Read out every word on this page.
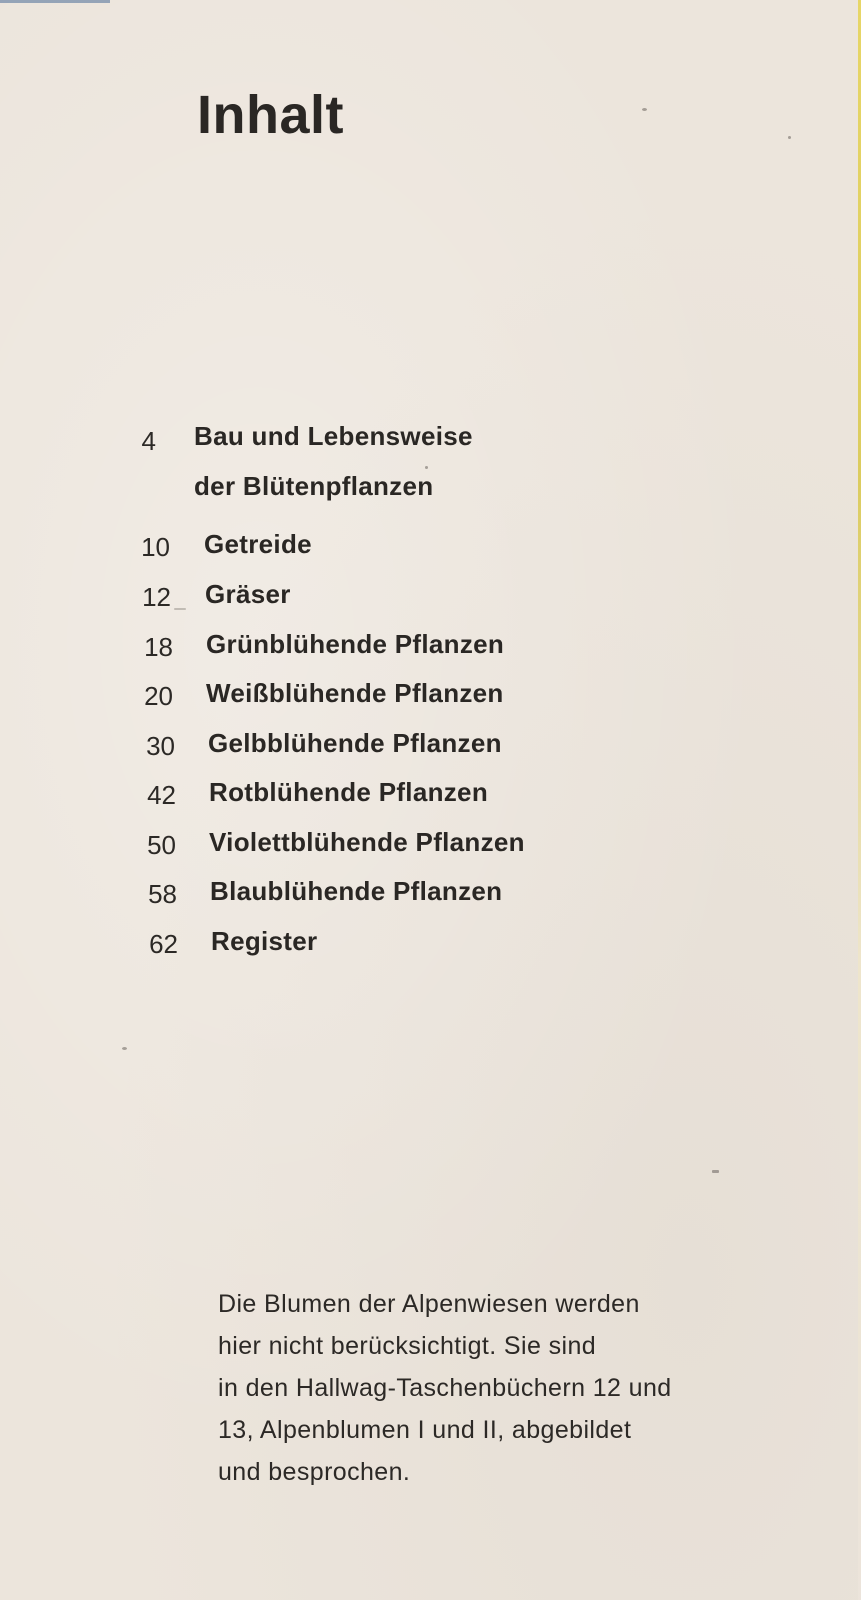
Inhalt
4 Bau und Lebensweise
der Blütenpflanzen
10 Getreide
12 Gräser
18 Grünblühende Pflanzen
20 Weißblühende Pflanzen
30 Gelbblühende Pflanzen
42 Rotblühende Pflanzen
50 Violettblühende Pflanzen
58 Blaublühende Pflanzen
62 Register

Die Blumen der Alpenwiesen werden
hier nicht berücksichtigt. Sie sind
in den Hallwag-Taschenbüchern 12 und
13, Alpenblumen I und II, abgebildet
und besprochen.
